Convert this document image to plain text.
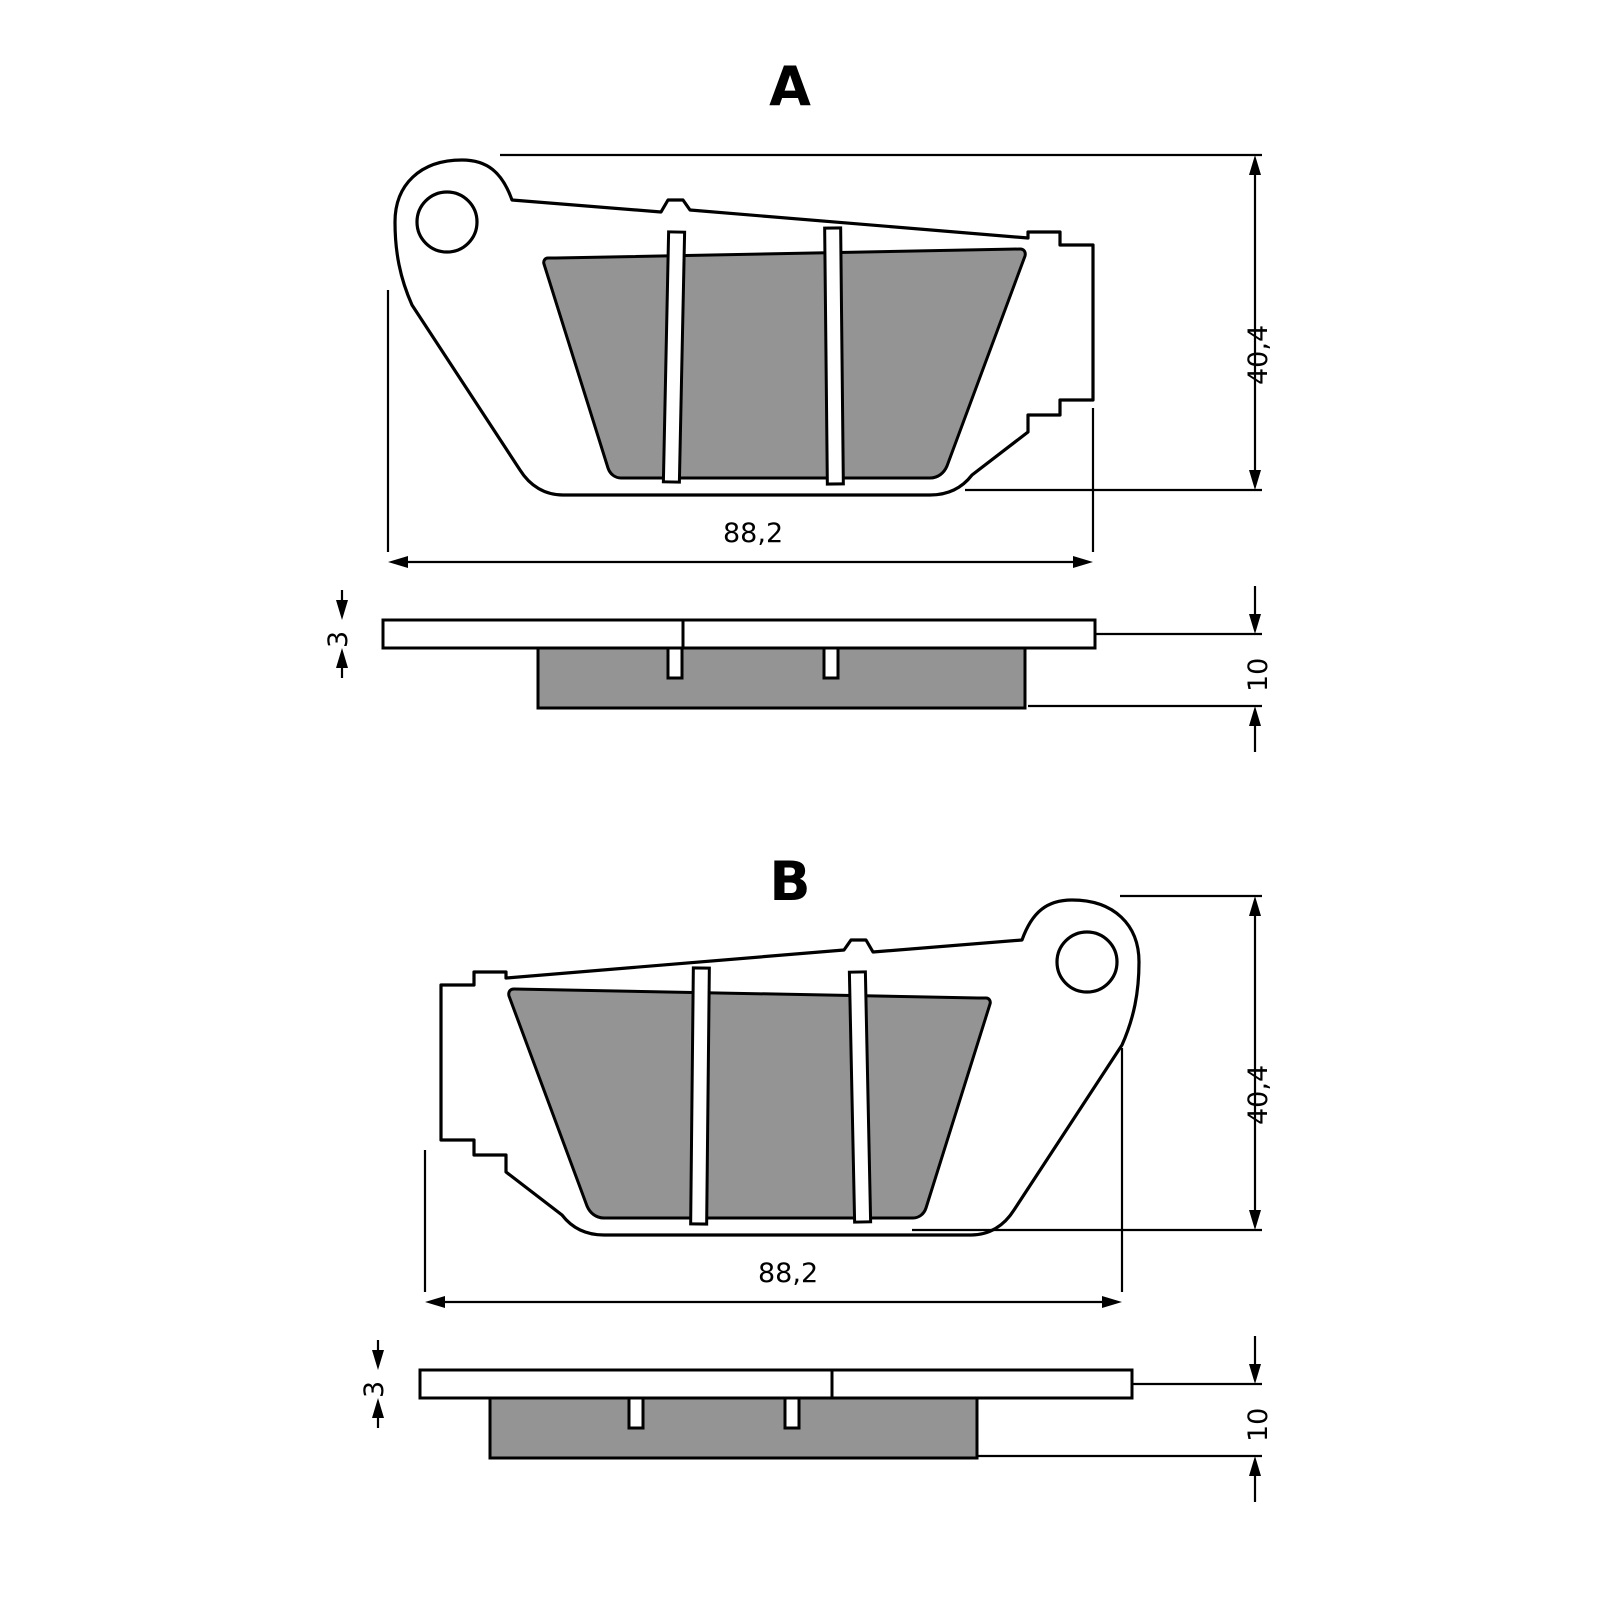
A
40,4
88,2
3
10
B
40,4
88,2
3
10
